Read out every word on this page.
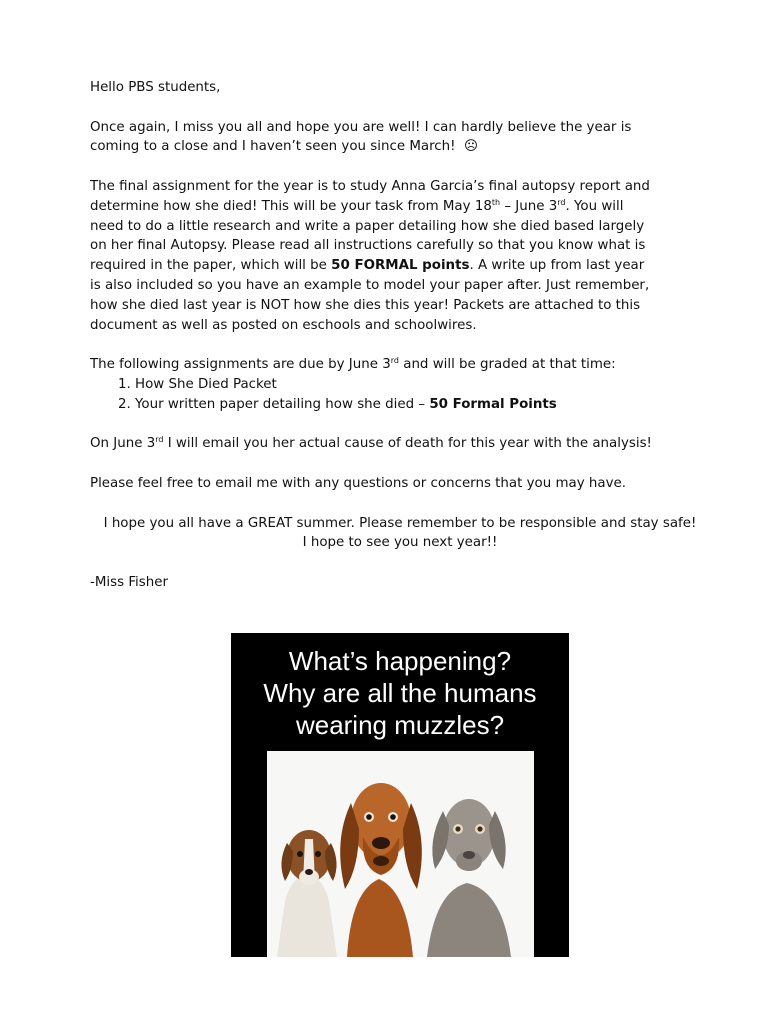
Hello PBS students,

Once again, I miss you all and hope you are well! I can hardly believe the year is
coming to a close and I haven’t seen you since March! ☹

The final assignment for the year is to study Anna Garcia’s final autopsy report and
determine how she died! This will be your task from May 18th – June 3rd. You will
need to do a little research and write a paper detailing how she died based largely
on her final Autopsy. Please read all instructions carefully so that you know what is
required in the paper, which will be 50 FORMAL points. A write up from last year
is also included so you have an example to model your paper after. Just remember,
how she died last year is NOT how she dies this year! Packets are attached to this
document as well as posted on eschools and schoolwires.

The following assignments are due by June 3rd and will be graded at that time:

1. How She Died Packet
2. Your written paper detailing how she died – 50 Formal Points

On June 3rd I will email you her actual cause of death for this year with the analysis!

Please feel free to email me with any questions or concerns that you may have.

I hope you all have a GREAT summer. Please remember to be responsible and stay safe!
I hope to see you next year!!

-Miss Fisher

What’s happening?
Why are all the humans
wearing muzzles?
